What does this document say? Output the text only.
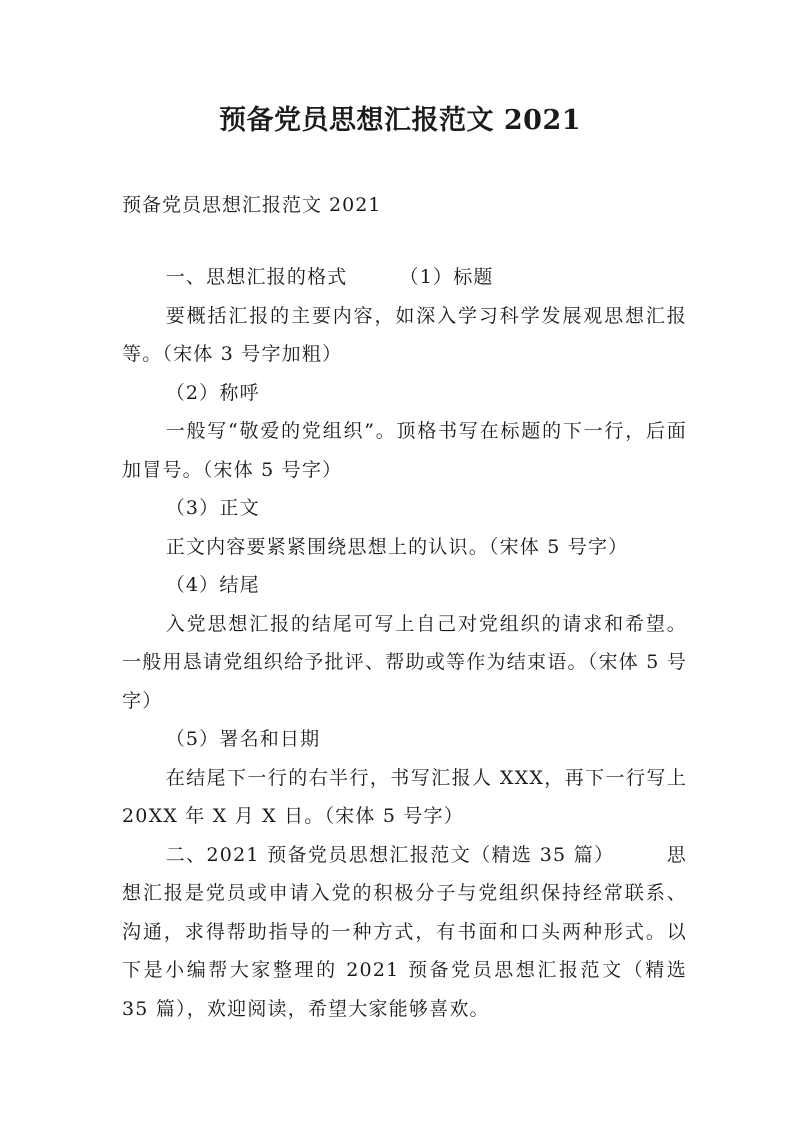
预备党员思想汇报范文 2021

预备党员思想汇报范文 2021

一、思想汇报的格式	（1）标题

要概括汇报的主要内容，如深入学习科学发展观思想汇报等。（宋体 3 号字加粗）

（2）称呼

一般写“敬爱的党组织”。顶格书写在标题的下一行，后面加冒号。（宋体 5 号字）

（3）正文

正文内容要紧紧围绕思想上的认识。（宋体 5 号字）

（4）结尾

入党思想汇报的结尾可写上自己对党组织的请求和希望。一般用恳请党组织给予批评、帮助或等作为结束语。（宋体 5 号字）

（5）署名和日期

在结尾下一行的右半行，书写汇报人 XXX，再下一行写上 20XX 年 X 月 X 日。（宋体 5 号字）

二、2021 预备党员思想汇报范文（精选 35 篇）	思想汇报是党员或申请入党的积极分子与党组织保持经常联系、沟通，求得帮助指导的一种方式，有书面和口头两种形式。以下是小编帮大家整理的 2021 预备党员思想汇报范文（精选 35 篇），欢迎阅读，希望大家能够喜欢。
